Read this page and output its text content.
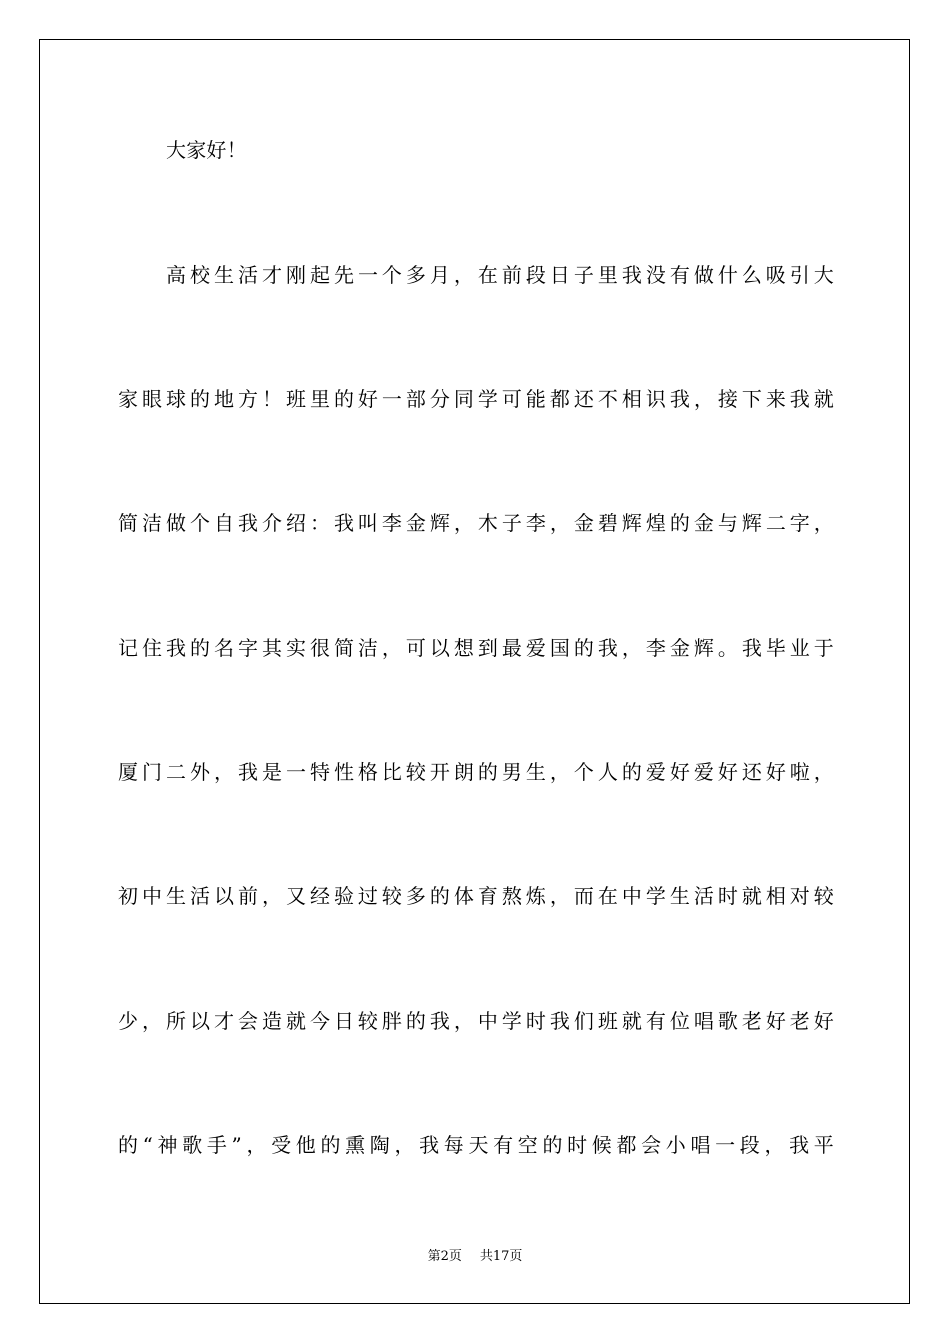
大家好！
高校生活才刚起先一个多月，在前段日子里我没有做什么吸引大
家眼球的地方！班里的好一部分同学可能都还不相识我，接下来我就
简洁做个自我介绍：我叫李金辉，木子李，金碧辉煌的金与辉二字，
记住我的名字其实很简洁，可以想到最爱国的我，李金辉。我毕业于
厦门二外，我是一特性格比较开朗的男生，个人的爱好爱好还好啦，
初中生活以前，又经验过较多的体育熬炼，而在中学生活时就相对较
少，所以才会造就今日较胖的我，中学时我们班就有位唱歌老好老好
的“神歌手”，受他的熏陶，我每天有空的时候都会小唱一段，我平
第2页 共17页
